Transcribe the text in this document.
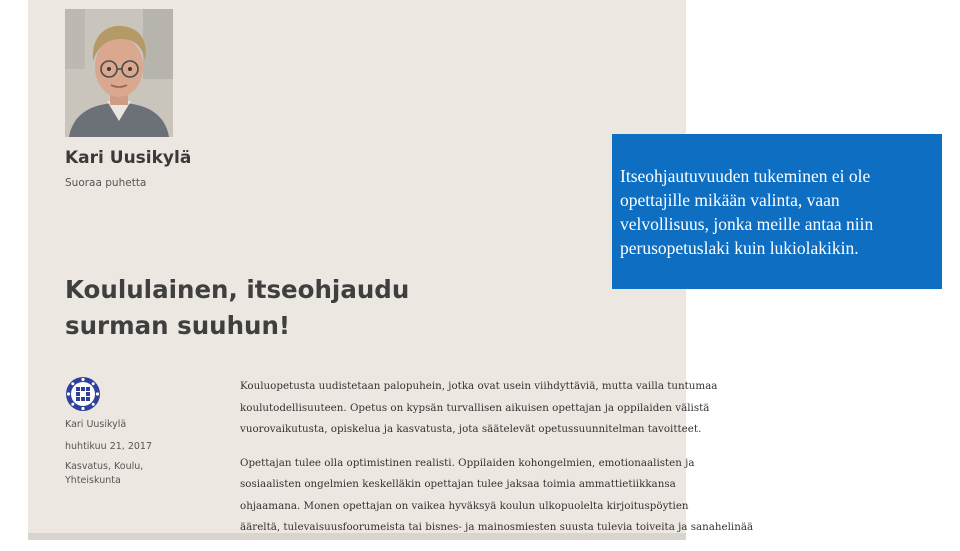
Kari Uusikylä
Suoraa puhetta
Koululainen, itseohjaudu
surman suuhun!
Kari Uusikylä
huhtikuu 21, 2017
Kasvatus, Koulu,
Yhteiskunta

Kouluopetusta uudistetaan palopuhein, jotka ovat usein viihdyttäviä, mutta vailla tuntumaa
koulutodellisuuteen. Opetus on kypsän turvallisen aikuisen opettajan ja oppilaiden välistä
vuorovaikutusta, opiskelua ja kasvatusta, jota säätelevät opetussuunnitelman tavoitteet.

Opettajan tulee olla optimistinen realisti. Oppilaiden kohongelmien, emotionaalisten ja
sosiaalisten ongelmien keskelläkin opettajan tulee jaksaa toimia ammattietiikkansa
ohjaamana. Monen opettajan on vaikea hyväksyä koulun ulkopuolelta kirjoituspöytien
ääreltä, tulevaisuusfoorumeista tai bisnes- ja mainosmiesten suusta tulevia toiveita ja sanahelinää

Itseohjautuvuuden tukeminen ei ole
opettajille mikään valinta, vaan
velvollisuus, jonka meille antaa niin
perusopetuslaki kuin lukiolakikin.
